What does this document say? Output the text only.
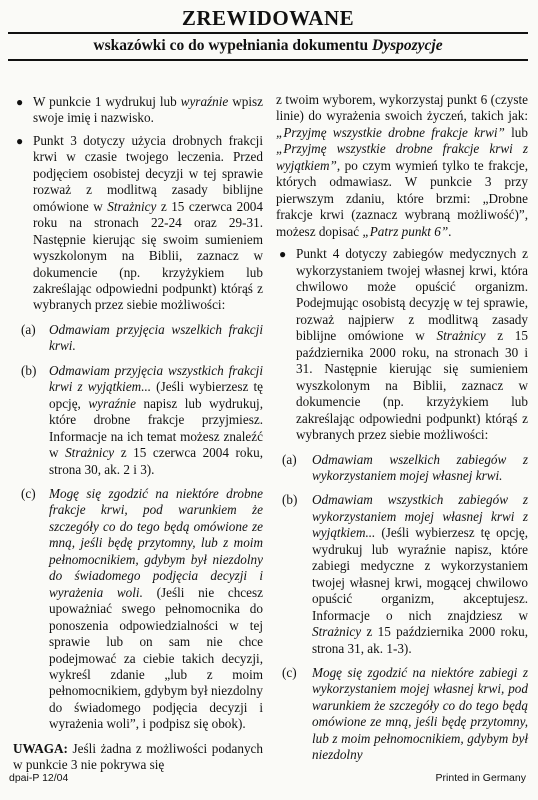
ZREWIDOWANE
wskazówki co do wypełniania dokumentu Dyspozycje

● W punkcie 1 wydrukuj lub wyraźnie wpisz swoje imię i nazwisko.

● Punkt 3 dotyczy użycia drobnych frakcji krwi w czasie twojego leczenia. Przed podjęciem osobistej decyzji w tej sprawie rozważ z modlitwą zasady biblijne omówione w Strażnicy z 15 czerwca 2004 roku na stronach 22-24 oraz 29-31. Następnie kierując się swoim sumieniem wyszkolonym na Biblii, zaznacz w dokumencie (np. krzyżykiem lub zakreślając odpowiedni podpunkt) którąś z wybranych przez siebie możliwości:

(a) Odmawiam przyjęcia wszelkich frakcji krwi.

(b) Odmawiam przyjęcia wszystkich frakcji krwi z wyjątkiem... (Jeśli wybierzesz tę opcję, wyraźnie napisz lub wydrukuj, które drobne frakcje przyjmiesz. Informacje na ich temat możesz znaleźć w Strażnicy z 15 czerwca 2004 roku, strona 30, ak. 2 i 3).

(c) Mogę się zgodzić na niektóre drobne frakcje krwi, pod warunkiem że szczegóły co do tego będą omówione ze mną, jeśli będę przytomny, lub z moim pełnomocnikiem, gdybym był niezdolny do świadomego podjęcia decyzji i wyrażenia woli. (Jeśli nie chcesz upoważniać swego pełnomocnika do ponoszenia odpowiedzialności w tej sprawie lub on sam nie chce podejmować za ciebie takich decyzji, wykreśl zdanie „lub z moim pełnomocnikiem, gdybym był niezdolny do świadomego podjęcia decyzji i wyrażenia woli”, i podpisz się obok).

UWAGA: Jeśli żadna z możliwości podanych w punkcie 3 nie pokrywa się

z twoim wyborem, wykorzystaj punkt 6 (czyste linie) do wyrażenia swoich życzeń, takich jak: „Przyjmę wszystkie drobne frakcje krwi” lub „Przyjmę wszystkie drobne frakcje krwi z wyjątkiem”, po czym wymień tylko te frakcje, których odmawiasz. W punkcie 3 przy pierwszym zdaniu, które brzmi: „Drobne frakcje krwi (zaznacz wybraną możliwość)”, możesz dopisać „Patrz punkt 6”.

● Punkt 4 dotyczy zabiegów medycznych z wykorzystaniem twojej własnej krwi, która chwilowo może opuścić organizm. Podejmując osobistą decyzję w tej sprawie, rozważ najpierw z modlitwą zasady biblijne omówione w Strażnicy z 15 października 2000 roku, na stronach 30 i 31. Następnie kierując się sumieniem wyszkolonym na Biblii, zaznacz w dokumencie (np. krzyżykiem lub zakreślając odpowiedni podpunkt) którąś z wybranych przez siebie możliwości:

(a) Odmawiam wszelkich zabiegów z wykorzystaniem mojej własnej krwi.

(b) Odmawiam wszystkich zabiegów z wykorzystaniem mojej własnej krwi z wyjątkiem... (Jeśli wybierzesz tę opcję, wydrukuj lub wyraźnie napisz, które zabiegi medyczne z wykorzystaniem twojej własnej krwi, mogącej chwilowo opuścić organizm, akceptujesz. Informacje o nich znajdziesz w Strażnicy z 15 października 2000 roku, strona 31, ak. 1-3).

(c) Mogę się zgodzić na niektóre zabiegi z wykorzystaniem mojej własnej krwi, pod warunkiem że szczegóły co do tego będą omówione ze mną, jeśli będę przytomny, lub z moim pełnomocnikiem, gdybym był niezdolny

dpai-P 12/04	Printed in Germany
